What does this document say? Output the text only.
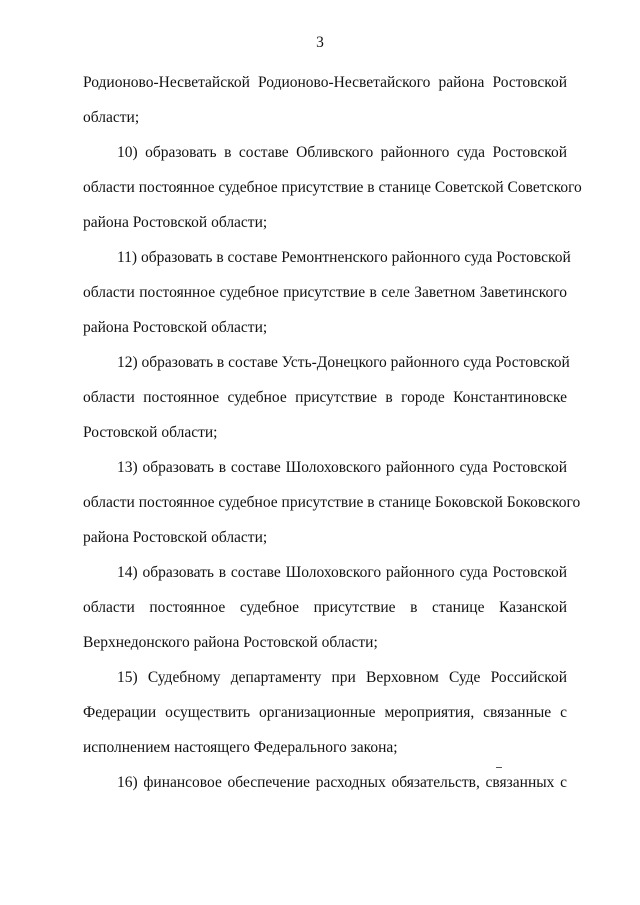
3
Родионово-Несветайской Родионово-Несветайского района Ростовской
области;
10) образовать в составе Обливского районного суда Ростовской
области постоянное судебное присутствие в станице Советской Советского
района Ростовской области;
11) образовать в составе Ремонтненского районного суда Ростовской
области постоянное судебное присутствие в селе Заветном Заветинского
района Ростовской области;
12) образовать в составе Усть-Донецкого районного суда Ростовской
области постоянное судебное присутствие в городе Константиновске
Ростовской области;
13) образовать в составе Шолоховского районного суда Ростовской
области постоянное судебное присутствие в станице Боковской Боковского
района Ростовской области;
14) образовать в составе Шолоховского районного суда Ростовской
области постоянное судебное присутствие в станице Казанской
Верхнедонского района Ростовской области;
15) Судебному департаменту при Верховном Суде Российской
Федерации осуществить организационные мероприятия, связанные с
исполнением настоящего Федерального закона;
16) финансовое обеспечение расходных обязательств, связанных с
